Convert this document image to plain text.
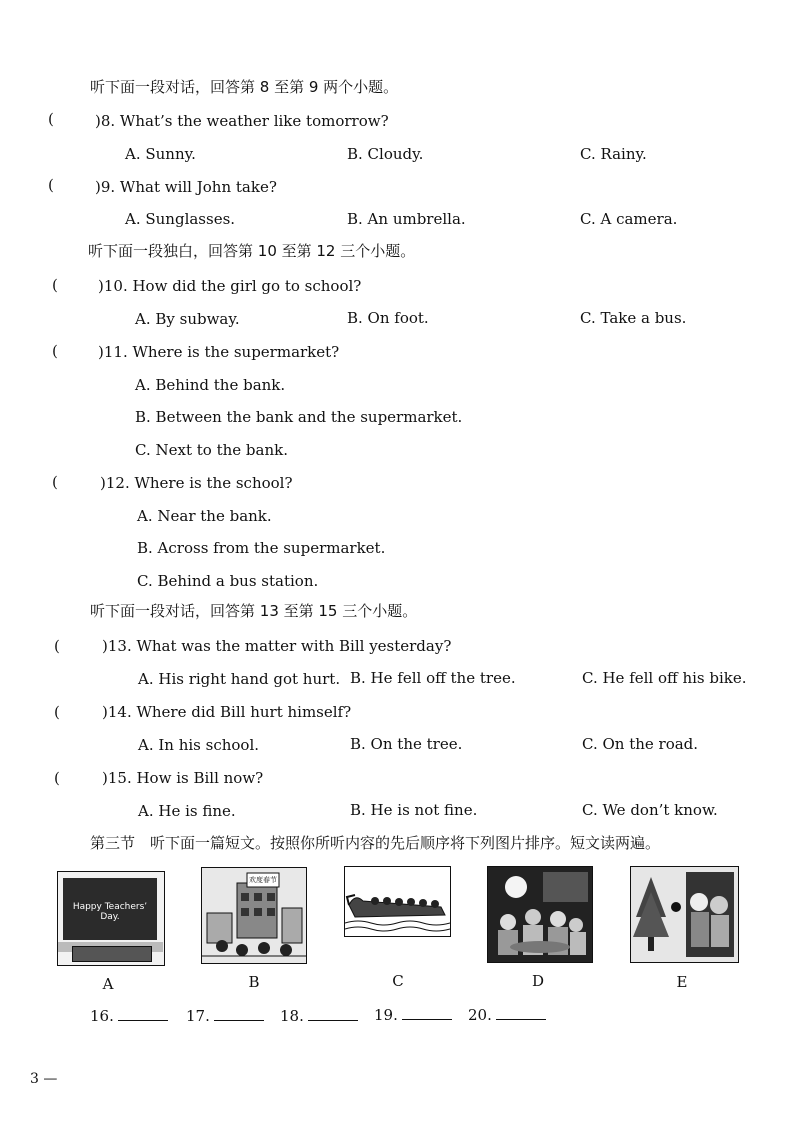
听下面一段对话，回答第 8 至第 9 两个小题。
听下面一段独白，回答第 10 至第 12 三个小题。
听下面一段对话，回答第 13 至第 15 三个小题。
第三节　听下面一篇短文。按照你所听内容的先后顺序将下列图片排序。短文读两遍。
(	)8. What’s the weather like tomorrow?
A. Sunny.	B. Cloudy.	C. Rainy.
(	)9. What will John take?
A. Sunglasses.	B. An umbrella.	C. A camera.
(	)10. How did the girl go to school?
A. By subway.	B. On foot.	C. Take a bus.
(	)11. Where is the supermarket?
A. Behind the bank.
B. Between the bank and the supermarket.
C. Next to the bank.
(	)12. Where is the school?
A. Near the bank.
B. Across from the supermarket.
C. Behind a bus station.
(	)13. What was the matter with Bill yesterday?
A. His right hand got hurt. B. He fell off the tree.	C. He fell off his bike.
(	)14. Where did Bill hurt himself?
A. In his school.	B. On the tree.	C. On the road.
(	)15. How is Bill now?
A. He is fine.	B. He is not fine.	C. We don’t know.
Happy Teachers’ Day.
欢度春节
A	B	C	D	E
16.	17.	18.	19.	20.
3 —
